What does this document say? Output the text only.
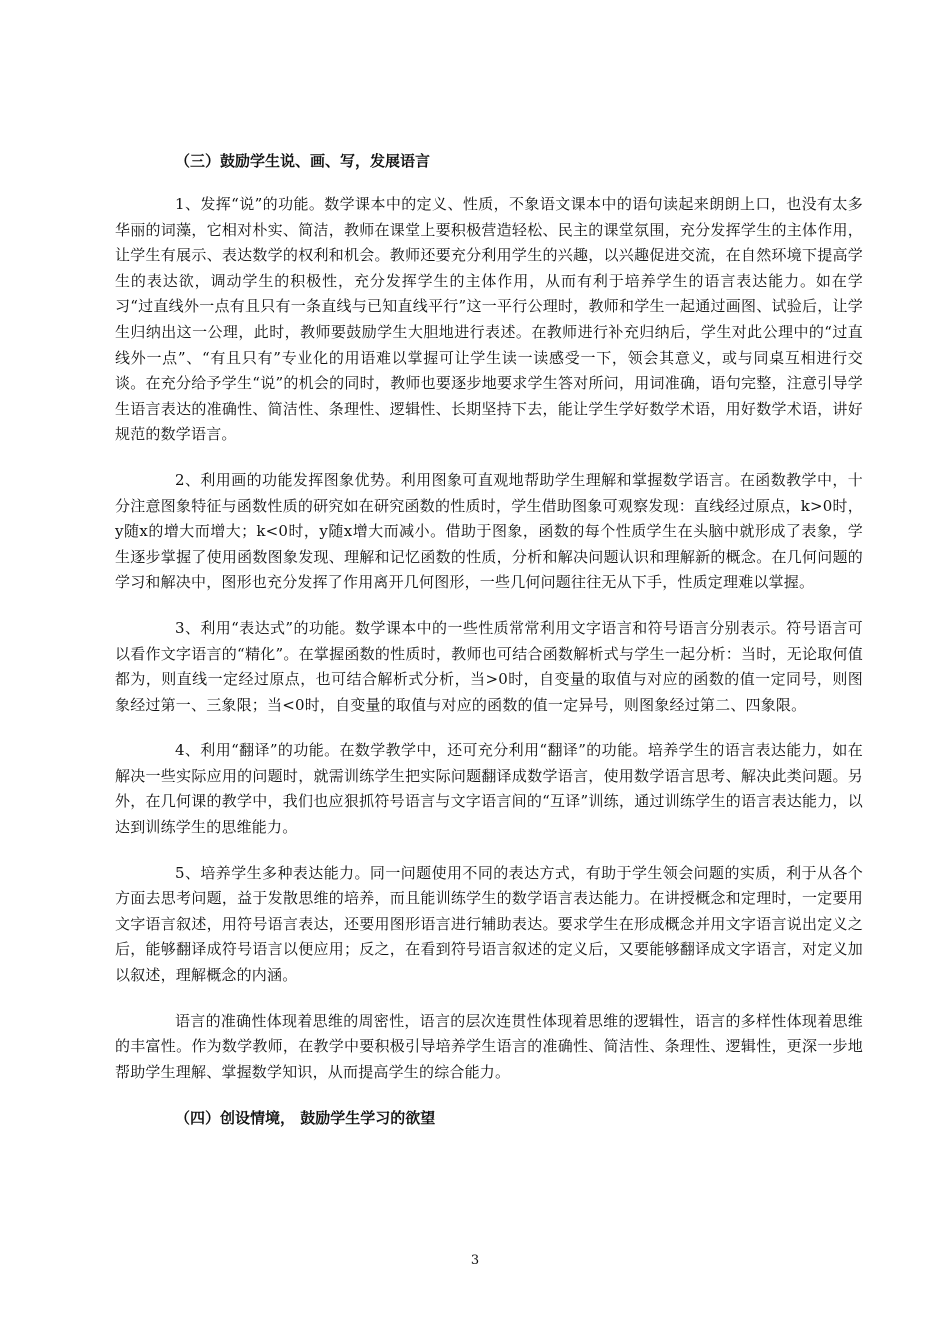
（三）鼓励学生说、画、写，发展语言

1、发挥“说”的功能。数学课本中的定义、性质，不象语文课本中的语句读起来朗朗上口，也没有太多华丽的词藻，它相对朴实、简洁，教师在课堂上要积极营造轻松、民主的课堂氛围，充分发挥学生的主体作用，让学生有展示、表达数学的权利和机会。教师还要充分利用学生的兴趣，以兴趣促进交流，在自然环境下提高学生的表达欲，调动学生的积极性，充分发挥学生的主体作用，从而有利于培养学生的语言表达能力。如在学习“过直线外一点有且只有一条直线与已知直线平行”这一平行公理时，教师和学生一起通过画图、试验后，让学生归纳出这一公理，此时，教师要鼓励学生大胆地进行表述。在教师进行补充归纳后，学生对此公理中的“过直线外一点”、“有且只有”专业化的用语难以掌握可让学生读一读感受一下，领会其意义，或与同桌互相进行交谈。在充分给予学生“说”的机会的同时，教师也要逐步地要求学生答对所问，用词准确，语句完整，注意引导学生语言表达的准确性、简洁性、条理性、逻辑性、长期坚持下去，能让学生学好数学术语，用好数学术语，讲好规范的数学语言。

2、利用画的功能发挥图象优势。利用图象可直观地帮助学生理解和掌握数学语言。在函数教学中，十分注意图象特征与函数性质的研究如在研究函数的性质时，学生借助图象可观察发现：直线经过原点，k>0时，y随x的增大而增大；k<0时，y随x增大而减小。借助于图象，函数的每个性质学生在头脑中就形成了表象，学生逐步掌握了使用函数图象发现、理解和记忆函数的性质，分析和解决问题认识和理解新的概念。在几何问题的学习和解决中，图形也充分发挥了作用离开几何图形，一些几何问题往往无从下手，性质定理难以掌握。

3、利用“表达式”的功能。数学课本中的一些性质常常利用文字语言和符号语言分别表示。符号语言可以看作文字语言的“精化”。在掌握函数的性质时，教师也可结合函数解析式与学生一起分析：当时，无论取何值都为，则直线一定经过原点，也可结合解析式分析，当>0时，自变量的取值与对应的函数的值一定同号，则图象经过第一、三象限；当<0时，自变量的取值与对应的函数的值一定异号，则图象经过第二、四象限。

4、利用“翻译”的功能。在数学教学中，还可充分利用“翻译”的功能。培养学生的语言表达能力，如在解决一些实际应用的问题时，就需训练学生把实际问题翻译成数学语言，使用数学语言思考、解决此类问题。另外，在几何课的教学中，我们也应狠抓符号语言与文字语言间的“互译”训练，通过训练学生的语言表达能力，以达到训练学生的思维能力。

5、培养学生多种表达能力。同一问题使用不同的表达方式，有助于学生领会问题的实质，利于从各个方面去思考问题，益于发散思维的培养，而且能训练学生的数学语言表达能力。在讲授概念和定理时，一定要用文字语言叙述，用符号语言表达，还要用图形语言进行辅助表达。要求学生在形成概念并用文字语言说出定义之后，能够翻译成符号语言以便应用；反之，在看到符号语言叙述的定义后，又要能够翻译成文字语言，对定义加以叙述，理解概念的内涵。

语言的准确性体现着思维的周密性，语言的层次连贯性体现着思维的逻辑性，语言的多样性体现着思维的丰富性。作为数学教师，在教学中要积极引导培养学生语言的准确性、简洁性、条理性、逻辑性，更深一步地帮助学生理解、掌握数学知识，从而提高学生的综合能力。

（四）创设情境， 鼓励学生学习的欲望
3
